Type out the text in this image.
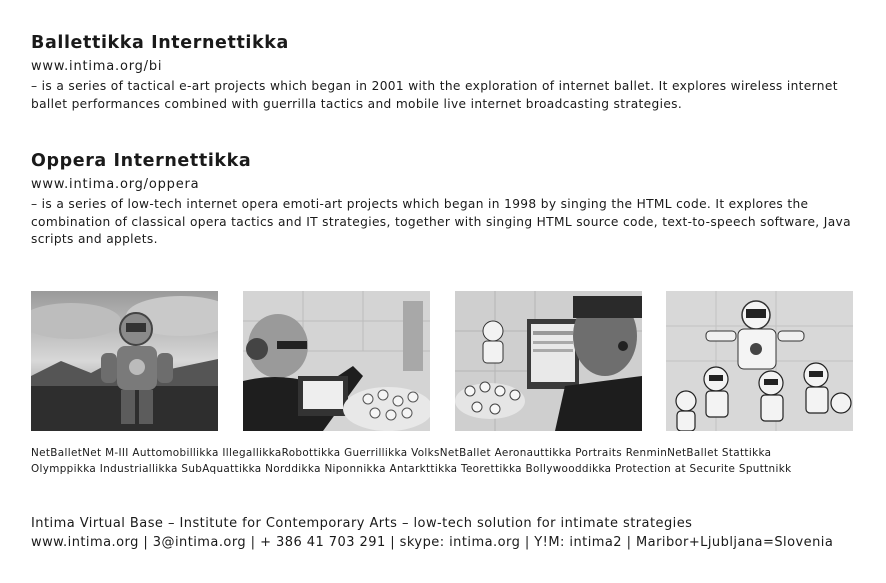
Ballettikka Internettikka
www.intima.org/bi
– is a series of tactical e-art projects which began in 2001 with the exploration of internet ballet. It explores wireless internet ballet performances combined with guerrilla tactics and mobile live internet broadcasting strategies.
Oppera Internettikka
www.intima.org/oppera
– is a series of low-tech internet opera emoti-art projects which began in 1998 by singing the HTML code. It explores the combination of classical opera tactics and IT strategies, together with singing HTML source code, text-to-speech software, Java scripts and applets.
NetBalletNet M-III Auttomobillikka IllegallikkaRobottikka Guerrillikka VolksNetBallet Aeronauttikka Portraits RenminNetBallet Stattikka
Olymppikka Industriallikka SubAquattikka Norddikka Niponnikka Antarkttikka Teorettikka Bollywooddikka Protection at Securite Sputtnikk
Intima Virtual Base – Institute for Contemporary Arts – low-tech solution for intimate strategies
www.intima.org | 3@intima.org | + 386 41 703 291 | skype: intima.org | Y!M: intima2 | Maribor+Ljubljana=Slovenia
